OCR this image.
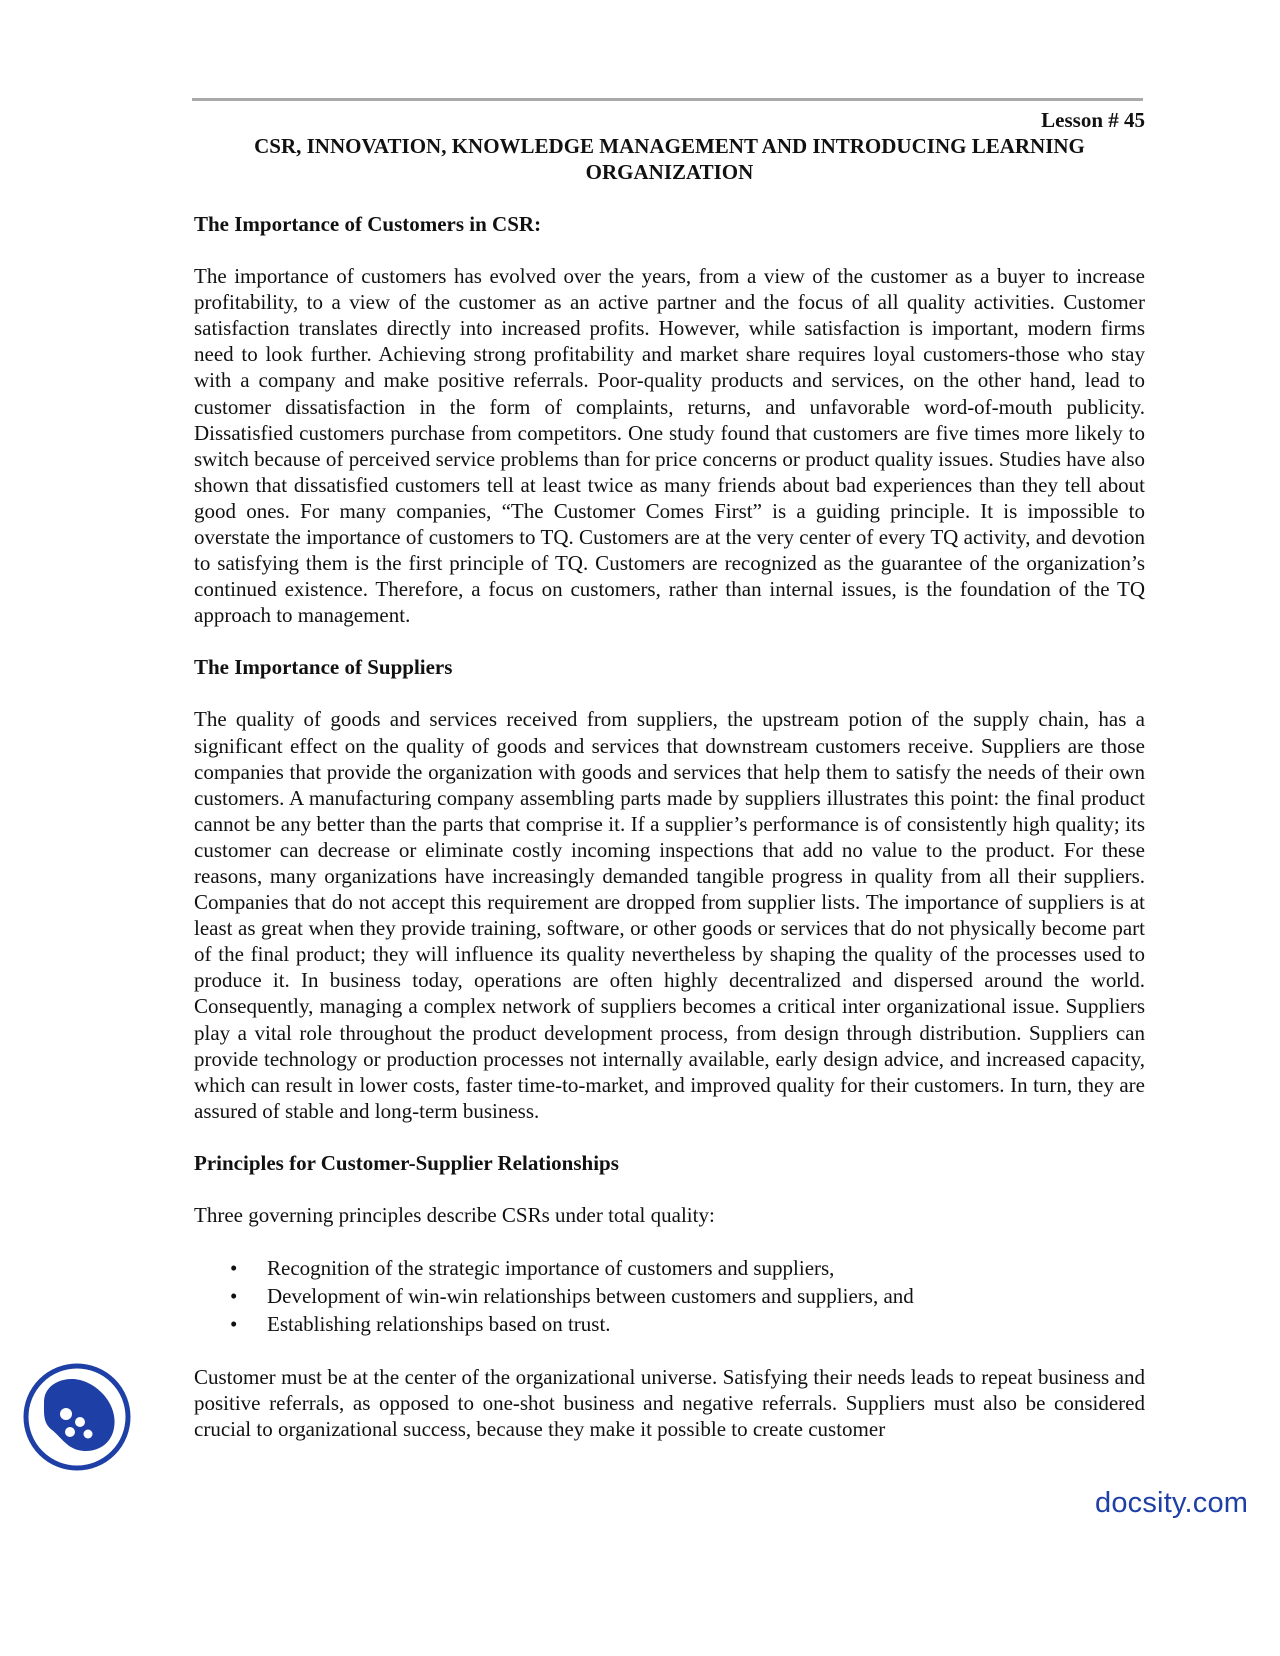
Lesson # 45

CSR, INNOVATION, KNOWLEDGE MANAGEMENT AND INTRODUCING LEARNING ORGANIZATION

The Importance of Customers in CSR:

The importance of customers has evolved over the years, from a view of the customer as a buyer to increase profitability, to a view of the customer as an active partner and the focus of all quality activities. Customer satisfaction translates directly into increased profits. However, while satisfaction is important, modern firms need to look further. Achieving strong profitability and market share requires loyal customers-those who stay with a company and make positive referrals. Poor-quality products and services, on the other hand, lead to customer dissatisfaction in the form of complaints, returns, and unfavorable word-of-mouth publicity. Dissatisfied customers purchase from competitors. One study found that customers are five times more likely to switch because of perceived service problems than for price concerns or product quality issues. Studies have also shown that dissatisfied customers tell at least twice as many friends about bad experiences than they tell about good ones. For many companies, “The Customer Comes First” is a guiding principle. It is impossible to overstate the importance of customers to TQ. Customers are at the very center of every TQ activity, and devotion to satisfying them is the first principle of TQ. Customers are recognized as the guarantee of the organization’s continued existence. Therefore, a focus on customers, rather than internal issues, is the foundation of the TQ approach to management.

The Importance of Suppliers

The quality of goods and services received from suppliers, the upstream potion of the supply chain, has a significant effect on the quality of goods and services that downstream customers receive. Suppliers are those companies that provide the organization with goods and services that help them to satisfy the needs of their own customers. A manufacturing company assembling parts made by suppliers illustrates this point: the final product cannot be any better than the parts that comprise it. If a supplier’s performance is of consistently high quality; its customer can decrease or eliminate costly incoming inspections that add no value to the product. For these reasons, many organizations have increasingly demanded tangible progress in quality from all their suppliers. Companies that do not accept this requirement are dropped from supplier lists. The importance of suppliers is at least as great when they provide training, software, or other goods or services that do not physically become part of the final product; they will influence its quality nevertheless by shaping the quality of the processes used to produce it. In business today, operations are often highly decentralized and dispersed around the world. Consequently, managing a complex network of suppliers becomes a critical inter organizational issue. Suppliers play a vital role throughout the product development process, from design through distribution. Suppliers can provide technology or production processes not internally available, early design advice, and increased capacity, which can result in lower costs, faster time-to-market, and improved quality for their customers. In turn, they are assured of stable and long-term business.

Principles for Customer-Supplier Relationships

Three governing principles describe CSRs under total quality:

• Recognition of the strategic importance of customers and suppliers,
• Development of win-win relationships between customers and suppliers, and
• Establishing relationships based on trust.

Customer must be at the center of the organizational universe. Satisfying their needs leads to repeat business and positive referrals, as opposed to one-shot business and negative referrals. Suppliers must also be considered crucial to organizational success, because they make it possible to create customer

docsity.com
